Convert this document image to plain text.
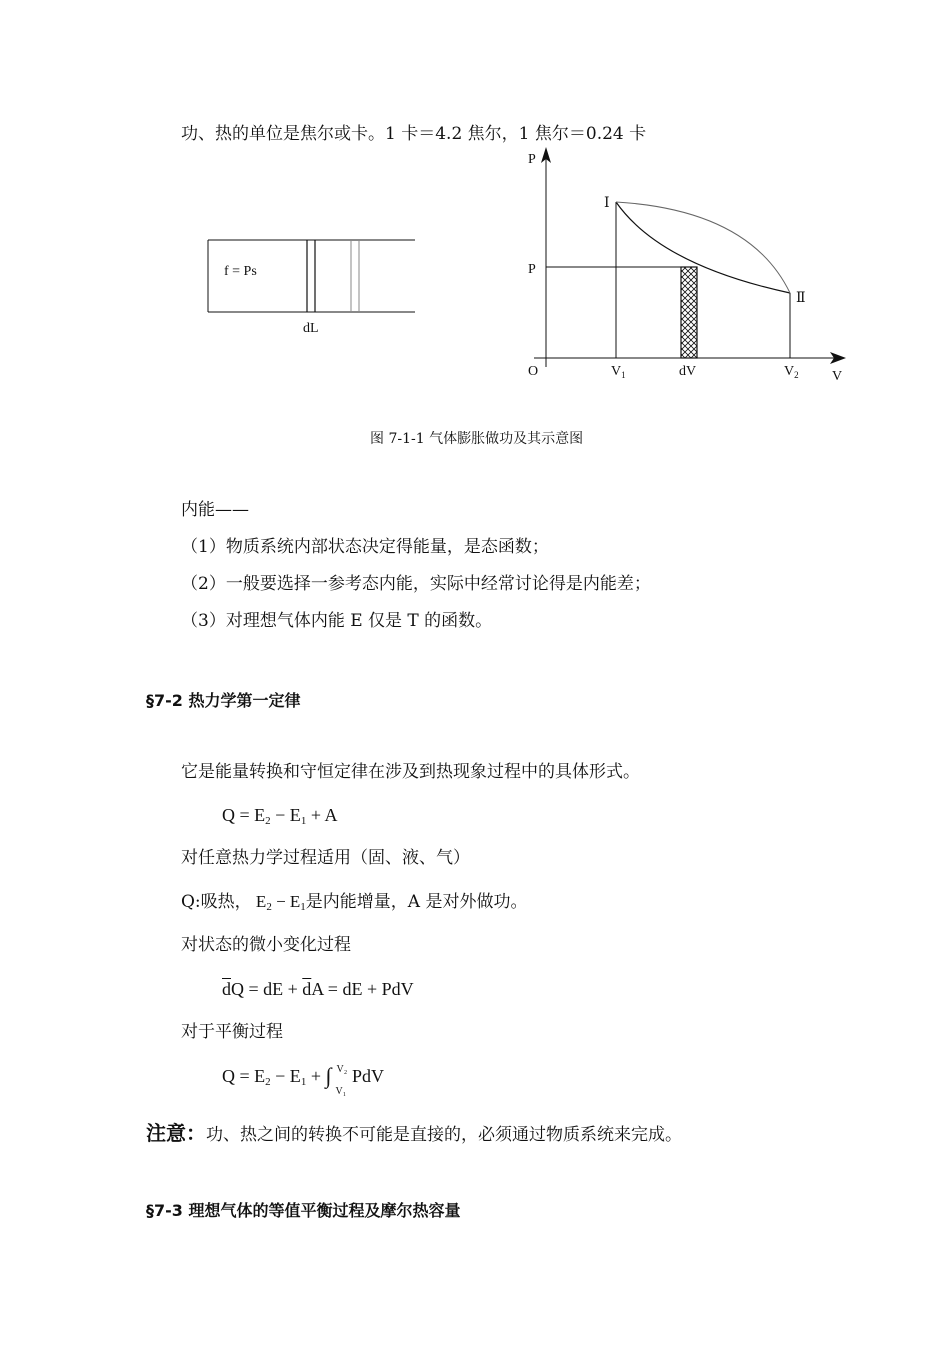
功、热的单位是焦尔或卡。1 卡＝4.2 焦尔，1 焦尔＝0.24 卡
f = Ps
dL
P
V
O
Ⅰ
Ⅱ
P
$V_1$	dV	$V_2$
图 7-1-1 气体膨胀做功及其示意图
内能——
（1）物质系统内部状态决定得能量，是态函数；
（2）一般要选择一参考态内能，实际中经常讨论得是内能差；
（3）对理想气体内能 E 仅是 T 的函数。
§7-2 热力学第一定律
它是能量转换和守恒定律在涉及到热现象过程中的具体形式。
$Q = E_2 - E_1 + A$
对任意热力学过程适用（固、液、气）
Q:吸热， $E_2 - E_1$是内能增量，A 是对外做功。
对状态的微小变化过程
$\overline{d}Q$ = dE + $\overline{d}A$ = dE + PdV
对于平衡过程
$Q = E_2 - E_1$ + ∫ V₂
V₁
PdV
注意：功、热之间的转换不可能是直接的，必须通过物质系统来完成。
§7-3 理想气体的等值平衡过程及摩尔热容量
